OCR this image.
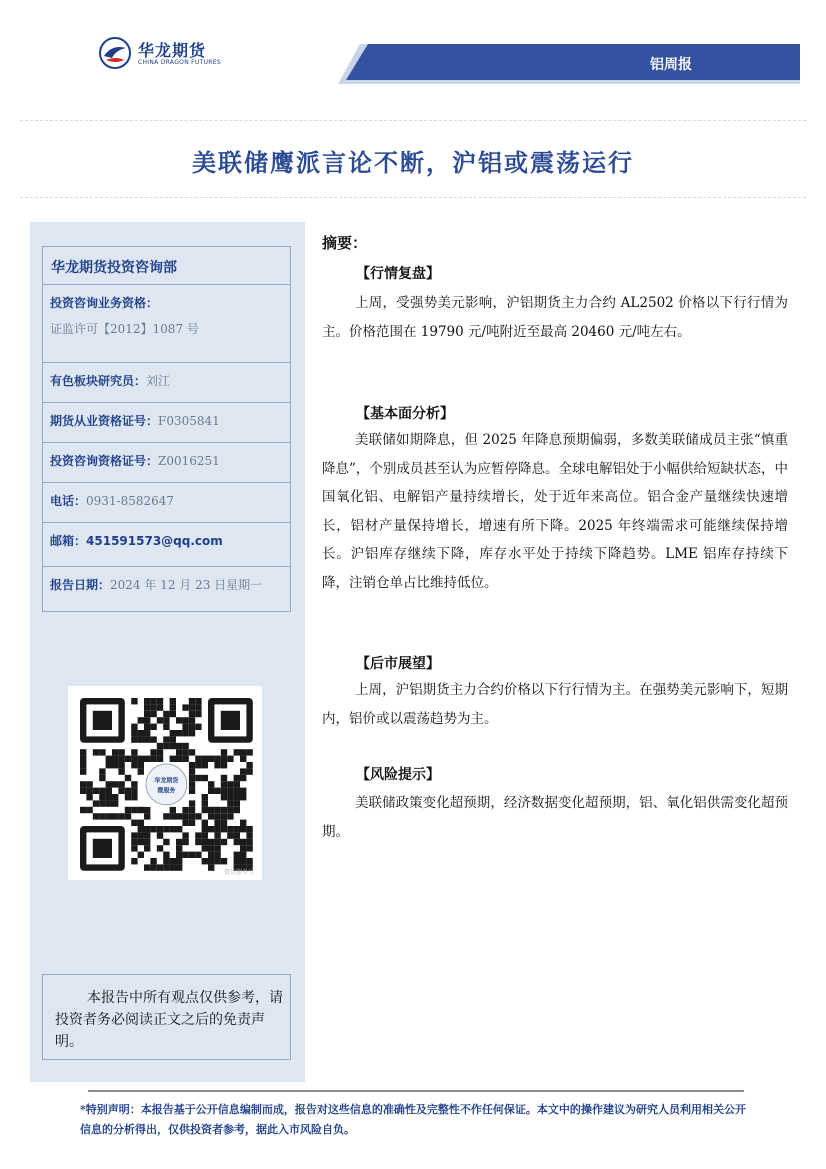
华龙期货
CHINA DRAGON FUTURES	铝周报
美联储鹰派言论不断，沪铝或震荡运行
华龙期货投资咨询部
投资咨询业务资格：
证监许可【2012】1087 号
有色板块研究员：刘江
期货从业资格证号：F0305841
投资咨询资格证号：Z0016251
电话：0931-8582647
邮箱：451591573@qq.com
报告日期：2024 年 12 月 23 日星期一
华龙期货
微服务
微信服务号
本报告中所有观点仅供参考，请投资者务必阅读正文之后的免责声明。
摘要：
【行情复盘】
上周，受强势美元影响，沪铝期货主力合约 AL2502 价格以下行行情为主。价格范围在 19790 元/吨附近至最高 20460 元/吨左右。
【基本面分析】
美联储如期降息，但 2025 年降息预期偏弱，多数美联储成员主张“慎重降息”，个别成员甚至认为应暂停降息。全球电解铝处于小幅供给短缺状态，中国氧化铝、电解铝产量持续增长，处于近年来高位。铝合金产量继续快速增长，铝材产量保持增长，增速有所下降。2025 年终端需求可能继续保持增长。沪铝库存继续下降，库存水平处于持续下降趋势。LME 铝库存持续下降，注销仓单占比维持低位。
【后市展望】
上周，沪铝期货主力合约价格以下行行情为主。在强势美元影响下，短期内，铝价或以震荡趋势为主。
【风险提示】
美联储政策变化超预期，经济数据变化超预期，铝、氧化铝供需变化超预期。
*特别声明：本报告基于公开信息编制而成，报告对这些信息的准确性及完整性不作任何保证。本文中的操作建议为研究人员利用相关公开信息的分析得出，仅供投资者参考，据此入市风险自负。
